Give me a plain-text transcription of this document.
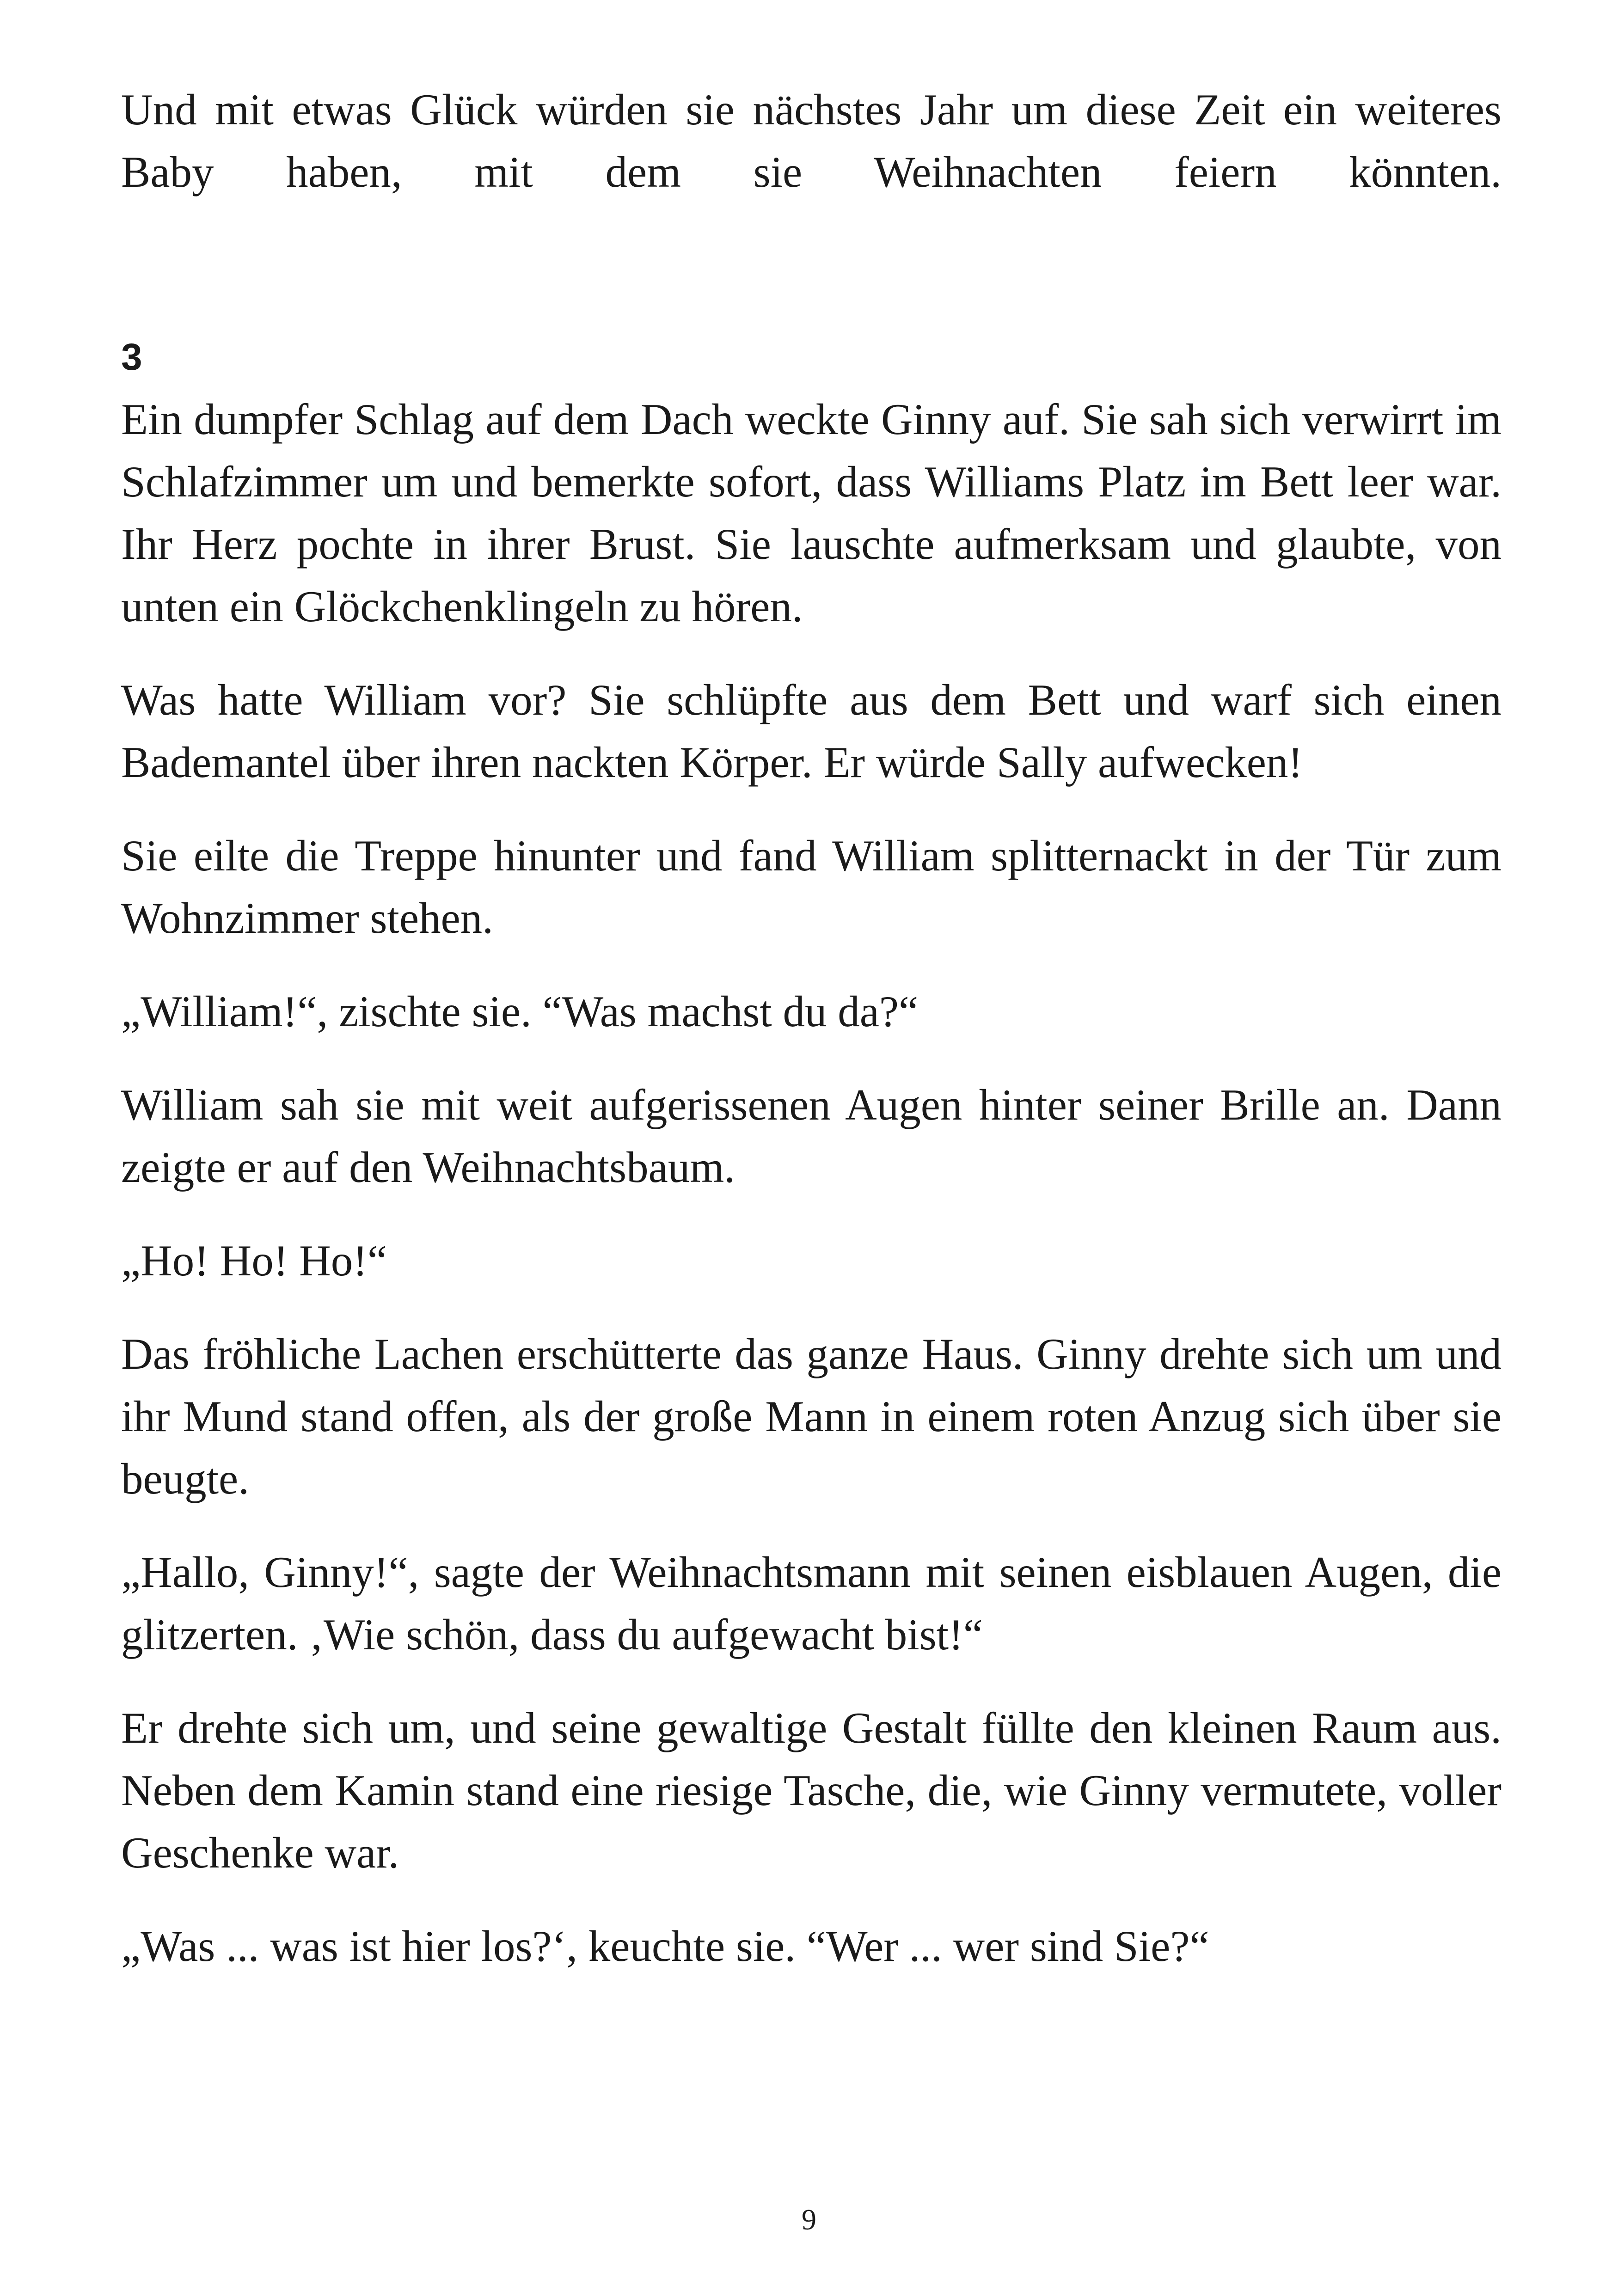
Und mit etwas Glück würden sie nächstes Jahr um diese Zeit ein weiteres Baby haben, mit dem sie Weihnachten feiern könnten.

3

Ein dumpfer Schlag auf dem Dach weckte Ginny auf. Sie sah sich verwirrt im Schlafzimmer um und bemerkte sofort, dass Williams Platz im Bett leer war. Ihr Herz pochte in ihrer Brust. Sie lauschte aufmerksam und glaubte, von unten ein Glöckchenklingeln zu hören.

Was hatte William vor? Sie schlüpfte aus dem Bett und warf sich einen Bademantel über ihren nackten Körper. Er würde Sally aufwecken!

Sie eilte die Treppe hinunter und fand William splitternackt in der Tür zum Wohnzimmer stehen.

„William!“, zischte sie. “Was machst du da?“

William sah sie mit weit aufgerissenen Augen hinter seiner Brille an. Dann zeigte er auf den Weihnachtsbaum.

„Ho! Ho! Ho!“

Das fröhliche Lachen erschütterte das ganze Haus. Ginny drehte sich um und ihr Mund stand offen, als der große Mann in einem roten Anzug sich über sie beugte.

„Hallo, Ginny!“, sagte der Weihnachtsmann mit seinen eisblauen Augen, die glitzerten. ‚Wie schön, dass du aufgewacht bist!“

Er drehte sich um, und seine gewaltige Gestalt füllte den kleinen Raum aus. Neben dem Kamin stand eine riesige Tasche, die, wie Ginny vermutete, voller Geschenke war.

„Was ... was ist hier los?‘, keuchte sie. “Wer ... wer sind Sie?“

9
